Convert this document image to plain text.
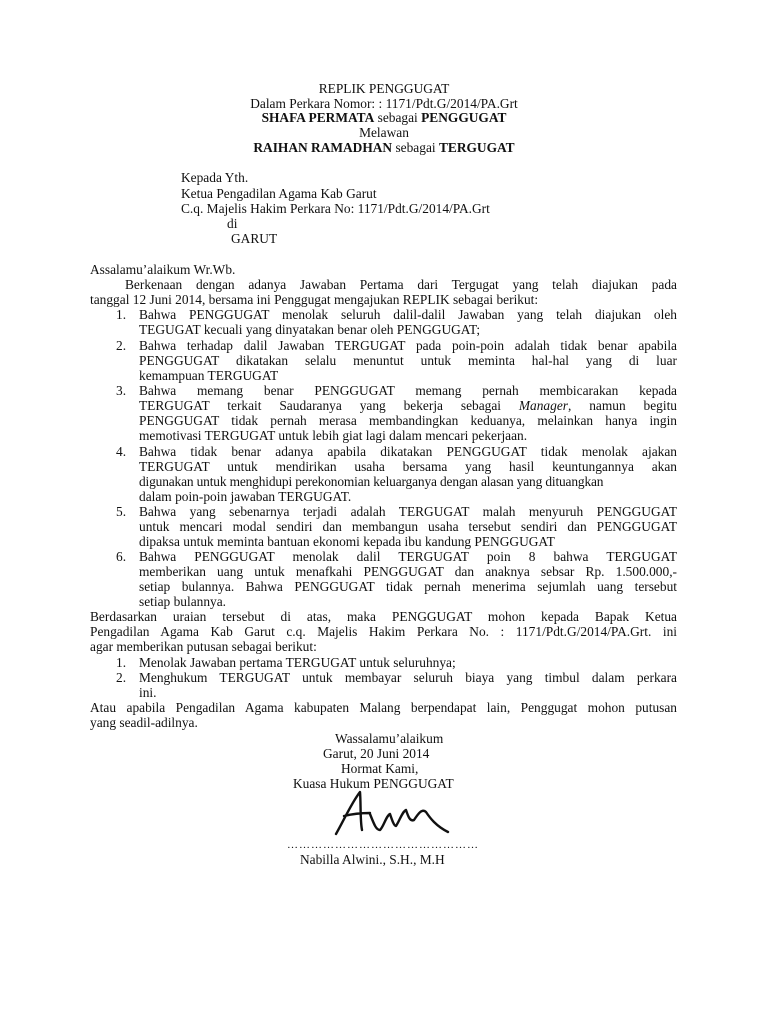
REPLIK PENGGUGAT
Dalam Perkara Nomor: : 1171/Pdt.G/2014/PA.Grt
SHAFA PERMATA sebagai PENGGUGAT
Melawan
RAIHAN RAMADHAN sebagai TERGUGAT
Kepada Yth.
Ketua Pengadilan Agama Kab Garut
C.q. Majelis Hakim Perkara No: 1171/Pdt.G/2014/PA.Grt
di
GARUT
Assalamu’alaikum Wr.Wb.
Berkenaan dengan adanya Jawaban Pertama dari Tergugat yang telah diajukan pada
tanggal 12 Juni 2014, bersama ini Penggugat mengajukan REPLIK sebagai berikut:
1. Bahwa PENGGUGAT menolak seluruh dalil-dalil Jawaban yang telah diajukan oleh
TEGUGAT kecuali yang dinyatakan benar oleh PENGGUGAT;
2. Bahwa terhadap dalil Jawaban TERGUGAT pada poin-poin adalah tidak benar apabila
PENGGUGAT dikatakan selalu menuntut untuk meminta hal-hal yang di luar
kemampuan TERGUGAT
3. Bahwa memang benar PENGGUGAT memang pernah membicarakan kepada
TERGUGAT terkait Saudaranya yang bekerja sebagai Manager, namun begitu
PENGGUGAT tidak pernah merasa membandingkan keduanya, melainkan hanya ingin
memotivasi TERGUGAT untuk lebih giat lagi dalam mencari pekerjaan.
4. Bahwa tidak benar adanya apabila dikatakan PENGGUGAT tidak menolak ajakan
TERGUGAT untuk mendirikan usaha bersama yang hasil keuntungannya akan
digunakan untuk menghidupi perekonomian keluarganya dengan alasan yang dituangkan
dalam poin-poin jawaban TERGUGAT.
5. Bahwa yang sebenarnya terjadi adalah TERGUGAT malah menyuruh PENGGUGAT
untuk mencari modal sendiri dan membangun usaha tersebut sendiri dan PENGGUGAT
dipaksa untuk meminta bantuan ekonomi kepada ibu kandung PENGGUGAT
6. Bahwa PENGGUGAT menolak dalil TERGUGAT poin 8 bahwa TERGUGAT
memberikan uang untuk menafkahi PENGGUGAT dan anaknya sebsar Rp. 1.500.000,-
setiap bulannya. Bahwa PENGGUGAT tidak pernah menerima sejumlah uang tersebut
setiap bulannya.
Berdasarkan uraian tersebut di atas, maka PENGGUGAT mohon kepada Bapak Ketua
Pengadilan Agama Kab Garut c.q. Majelis Hakim Perkara No. : 1171/Pdt.G/2014/PA.Grt. ini
agar memberikan putusan sebagai berikut:
1. Menolak Jawaban pertama TERGUGAT untuk seluruhnya;
2. Menghukum TERGUGAT untuk membayar seluruh biaya yang timbul dalam perkara
ini.
Atau apabila Pengadilan Agama kabupaten Malang berpendapat lain, Penggugat mohon putusan
yang seadil-adilnya.
Wassalamu’alaikum
Garut, 20 Juni 2014
Hormat Kami,
Kuasa Hukum PENGGUGAT
…………………………………………
Nabilla Alwini., S.H., M.H
